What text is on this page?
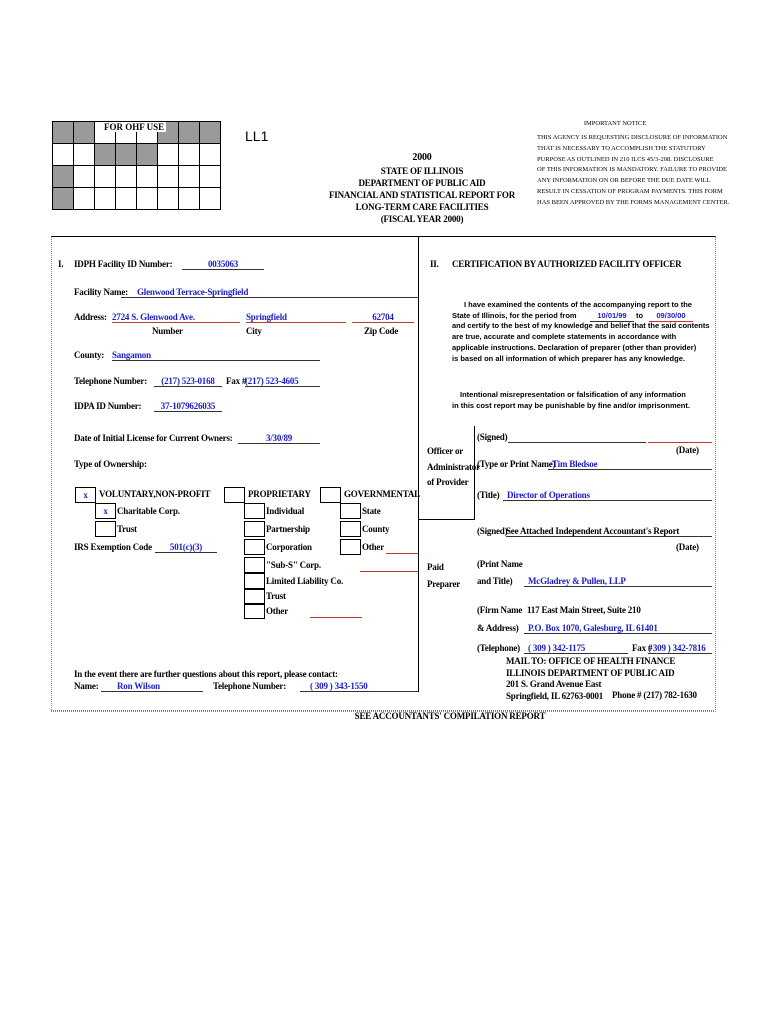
FOR OHF USE
LL1
2000
STATE OF ILLINOIS
DEPARTMENT OF PUBLIC AID
FINANCIAL AND STATISTICAL REPORT FOR
LONG-TERM CARE FACILITIES
(FISCAL YEAR 2000)
IMPORTANT NOTICE
THIS AGENCY IS REQUESTING DISCLOSURE OF INFORMATION
THAT IS NECESSARY TO ACCOMPLISH THE STATUTORY
PURPOSE AS OUTLINED IN 210 ILCS 45/3-208. DISCLOSURE
OF THIS INFORMATION IS MANDATORY. FAILURE TO PROVIDE
ANY INFORMATION ON OR BEFORE THE DUE DATE WILL
RESULT IN CESSATION OF PROGRAM PAYMENTS. THIS FORM
HAS BEEN APPROVED BY THE FORMS MANAGEMENT CENTER.
I. IDPH Facility ID Number:	0035063
Facility Name:	Glenwood Terrace-Springfield
Address: 2724 S. Glenwood Ave.	Springfield	62704
Number	City	Zip Code
County: Sangamon
Telephone Number:	(217) 523-0168	Fax #
(217) 523-4605
IDPA ID Number:	37-1079626035
Date of Initial License for Current Owners:	3/30/89
Type of Ownership:
x	VOLUNTARY,NON-PROFIT
x	Charitable Corp.
Trust
IRS Exemption Code	501(c)(3)
PROPRIETARY
Individual
Partnership
Corporation
"Sub-S" Corp.
Limited Liability Co.
Trust
Other
GOVERNMENTAL
State
County
Other
In the event there are further questions about this report, please contact:
Name:	Ron Wilson	Telephone Number:	( 309 ) 343-1550
II. CERTIFICATION BY AUTHORIZED FACILITY OFFICER
I have examined the contents of the accompanying report to the
State of Illinois, for the period from	10/01/99	to	09/30/00
and certify to the best of my knowledge and belief that the said contents
are true, accurate and complete statements in accordance with
applicable instructions. Declaration of preparer (other than provider)
is based on all information of which preparer has any knowledge.
Intentional misrepresentation or falsification of any information
in this cost report may be punishable by fine and/or imprisonment.
Officer or
Administrator
of Provider
(Signed)
(Date)
(Type or Print Name)
Tim Bledsoe
(Title) Director of Operations
(Signed)
See Attached Independent Accountant's Report
(Date)
Paid
Preparer
(Print Name
and Title)	McGladrey & Pullen, LLP
(Firm Name 117 East Main Street, Suite 210
& Address)	P.O. Box 1070, Galesburg, IL 61401
(Telephone) ( 309 ) 342-1175	Fax #
( 309 ) 342-7816
MAIL TO: OFFICE OF HEALTH FINANCE
ILLINOIS DEPARTMENT OF PUBLIC AID
201 S. Grand Avenue East
Springfield, IL 62763-0001 Phone # (217) 782-1630
SEE ACCOUNTANTS' COMPILATION REPORT
